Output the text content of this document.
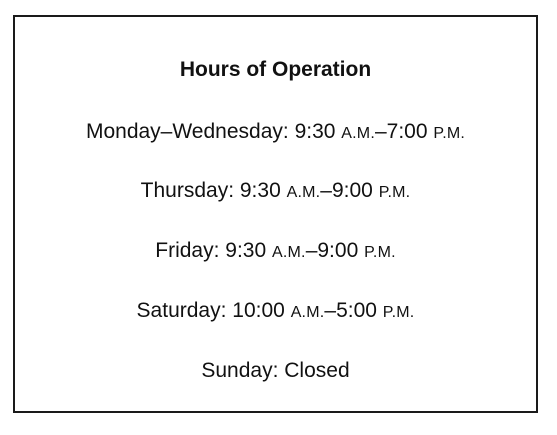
Hours of Operation
Monday–Wednesday: 9:30 A.M.–7:00 P.M.
Thursday: 9:30 A.M.–9:00 P.M.
Friday: 9:30 A.M.–9:00 P.M.
Saturday: 10:00 A.M.–5:00 P.M.
Sunday: Closed
